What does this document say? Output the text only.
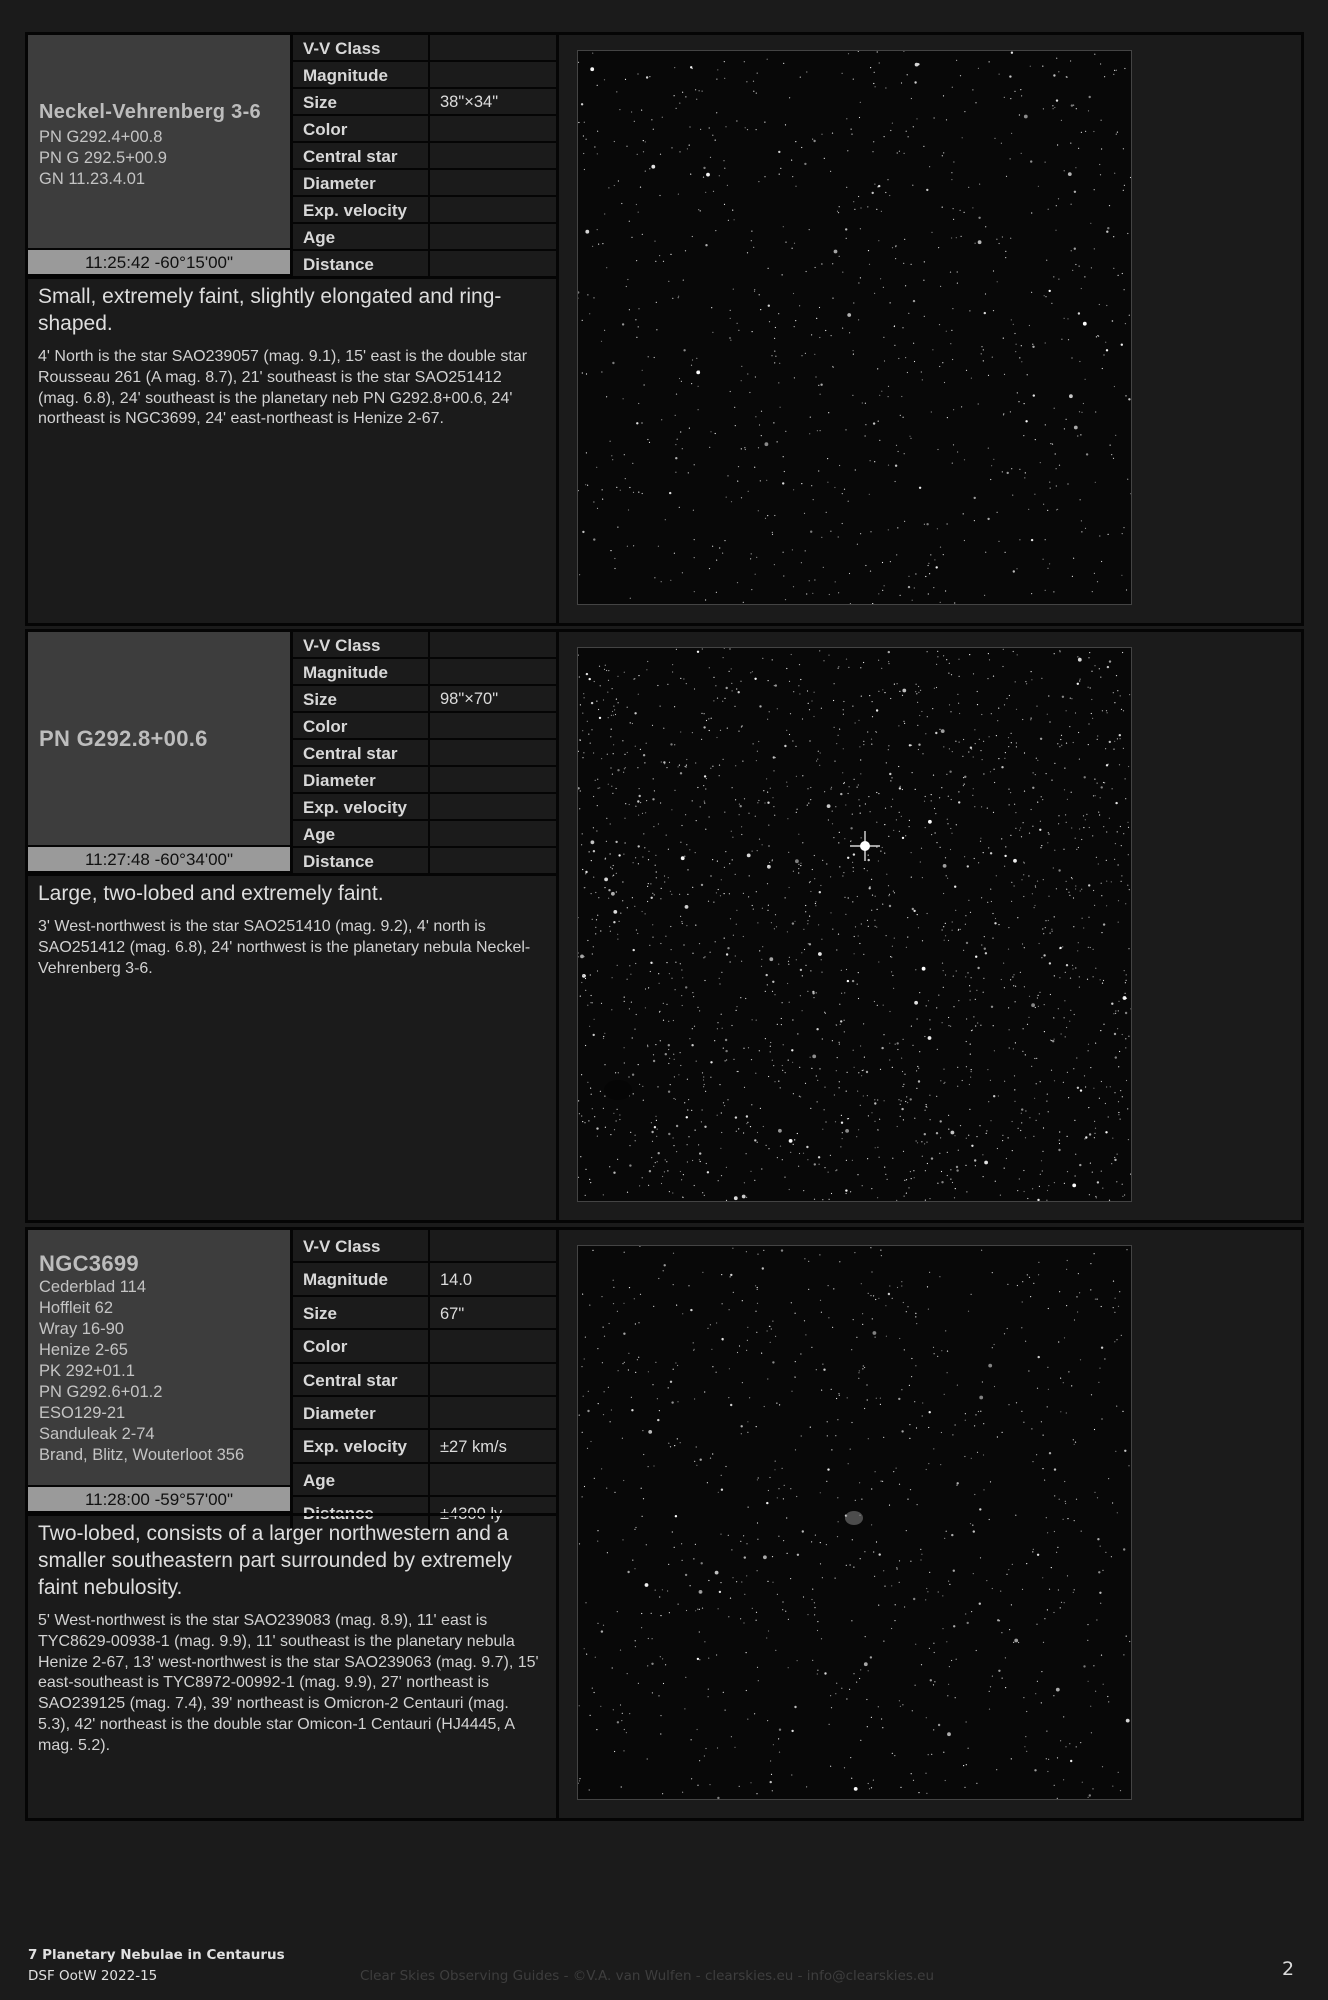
Neckel-Vehrenberg 3-6
PN G292.4+00.8
PN G 292.5+00.9
GN 11.23.4.01
11:25:42 -60°15'00"
V-V Class
Magnitude
Size	38"×34"
Color
Central star
Diameter
Exp. velocity
Age
Distance
Small, extremely faint, slightly elongated and ring-shaped.
4' North is the star SAO239057 (mag. 9.1), 15' east is the double star Rousseau 261 (A mag. 8.7), 21' southeast is the star SAO251412 (mag. 6.8), 24' southeast is the planetary neb PN G292.8+00.6, 24' northeast is NGC3699, 24' east-northeast is Henize 2-67.
PN G292.8+00.6
11:27:48 -60°34'00"
V-V Class
Magnitude
Size	98"×70"
Color
Central star
Diameter
Exp. velocity
Age
Distance
Large, two-lobed and extremely faint.
3' West-northwest is the star SAO251410 (mag. 9.2), 4' north is SAO251412 (mag. 6.8), 24' northwest is the planetary nebula Neckel-Vehrenberg 3-6.
NGC3699
Cederblad 114
Hoffleit 62
Wray 16-90
Henize 2-65
PK 292+01.1
PN G292.6+01.2
ESO129-21
Sanduleak 2-74
Brand, Blitz, Wouterloot 356
11:28:00 -59°57'00"
V-V Class
Magnitude	14.0
Size	67"
Color
Central star
Diameter
Exp. velocity	±27 km/s
Age
Distance	±4300 ly
Two-lobed, consists of a larger northwestern and a smaller southeastern part surrounded by extremely faint nebulosity.
5' West-northwest is the star SAO239083 (mag. 8.9), 11' east is TYC8629-00938-1 (mag. 9.9), 11' southeast is the planetary nebula Henize 2-67, 13' west-northwest is the star SAO239063 (mag. 9.7), 15' east-southeast is TYC8972-00992-1 (mag. 9.9), 27' northeast is SAO239125 (mag. 7.4), 39' northeast is Omicron-2 Centauri (mag. 5.3), 42' northeast is the double star Omicon-1 Centauri (HJ4445, A mag. 5.2).
7 Planetary Nebulae in Centaurus
DSF OotW 2022-15	Clear Skies Observing Guides - ©V.A. van Wulfen - clearskies.eu - info@clearskies.eu	2
